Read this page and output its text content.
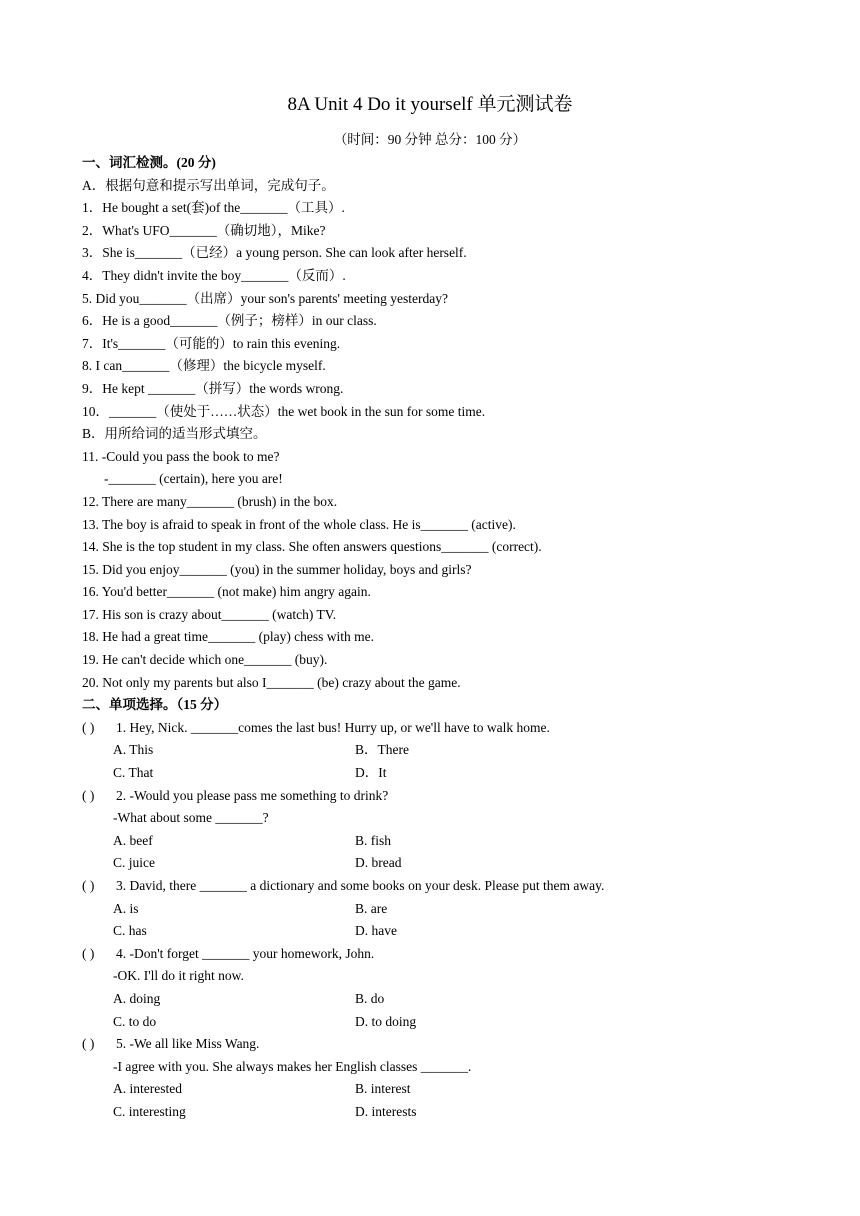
8A Unit 4 Do it yourself 单元测试卷
（时间：90 分钟 总分：100 分）
一、词汇检测。(20 分)
A．根据句意和提示写出单词，完成句子。
1．He bought a set(套)of the_______（工具）.
2．What's UFO_______（确切地），Mike?
3．She is_______（已经）a young person. She can look after herself.
4．They didn't invite the boy_______（反而）.
5. Did you_______（出席）your son's parents' meeting yesterday?
6．He is a good_______（例子；榜样）in our class.
7．It's_______（可能的）to rain this evening.
8. I can_______（修理）the bicycle myself.
9．He kept _______（拼写）the words wrong.
10．_______（使处于……状态）the wet book in the sun for some time.
B．用所给词的适当形式填空。
11. -Could you pass the book to me?
-_______ (certain), here you are!
12. There are many_______ (brush) in the box.
13. The boy is afraid to speak in front of the whole class. He is_______ (active).
14. She is the top student in my class. She often answers questions_______ (correct).
15. Did you enjoy_______ (you) in the summer holiday, boys and girls?
16. You'd better_______ (not make) him angry again.
17. His son is crazy about_______ (watch) TV.
18. He had a great time_______ (play) chess with me.
19. He can't decide which one_______ (buy).
20. Not only my parents but also I_______ (be) crazy about the game.
二、单项选择。（15 分）
( )	1. Hey, Nick. _______comes the last bus! Hurry up, or we'll have to walk home.
A. This	B．There
C. That	D．It
( )	2. -Would you please pass me something to drink?
-What about some _______?
A. beef	B. fish
C. juice	D. bread
( )	3. David, there _______ a dictionary and some books on your desk. Please put them away.
A. is	B. are
C. has	D. have
( )	4. -Don't forget _______ your homework, John.
-OK. I'll do it right now.
A. doing	B. do
C. to do	D. to doing
( )	5. -We all like Miss Wang.
-I agree with you. She always makes her English classes _______.
A. interested	B. interest
C. interesting	D. interests
